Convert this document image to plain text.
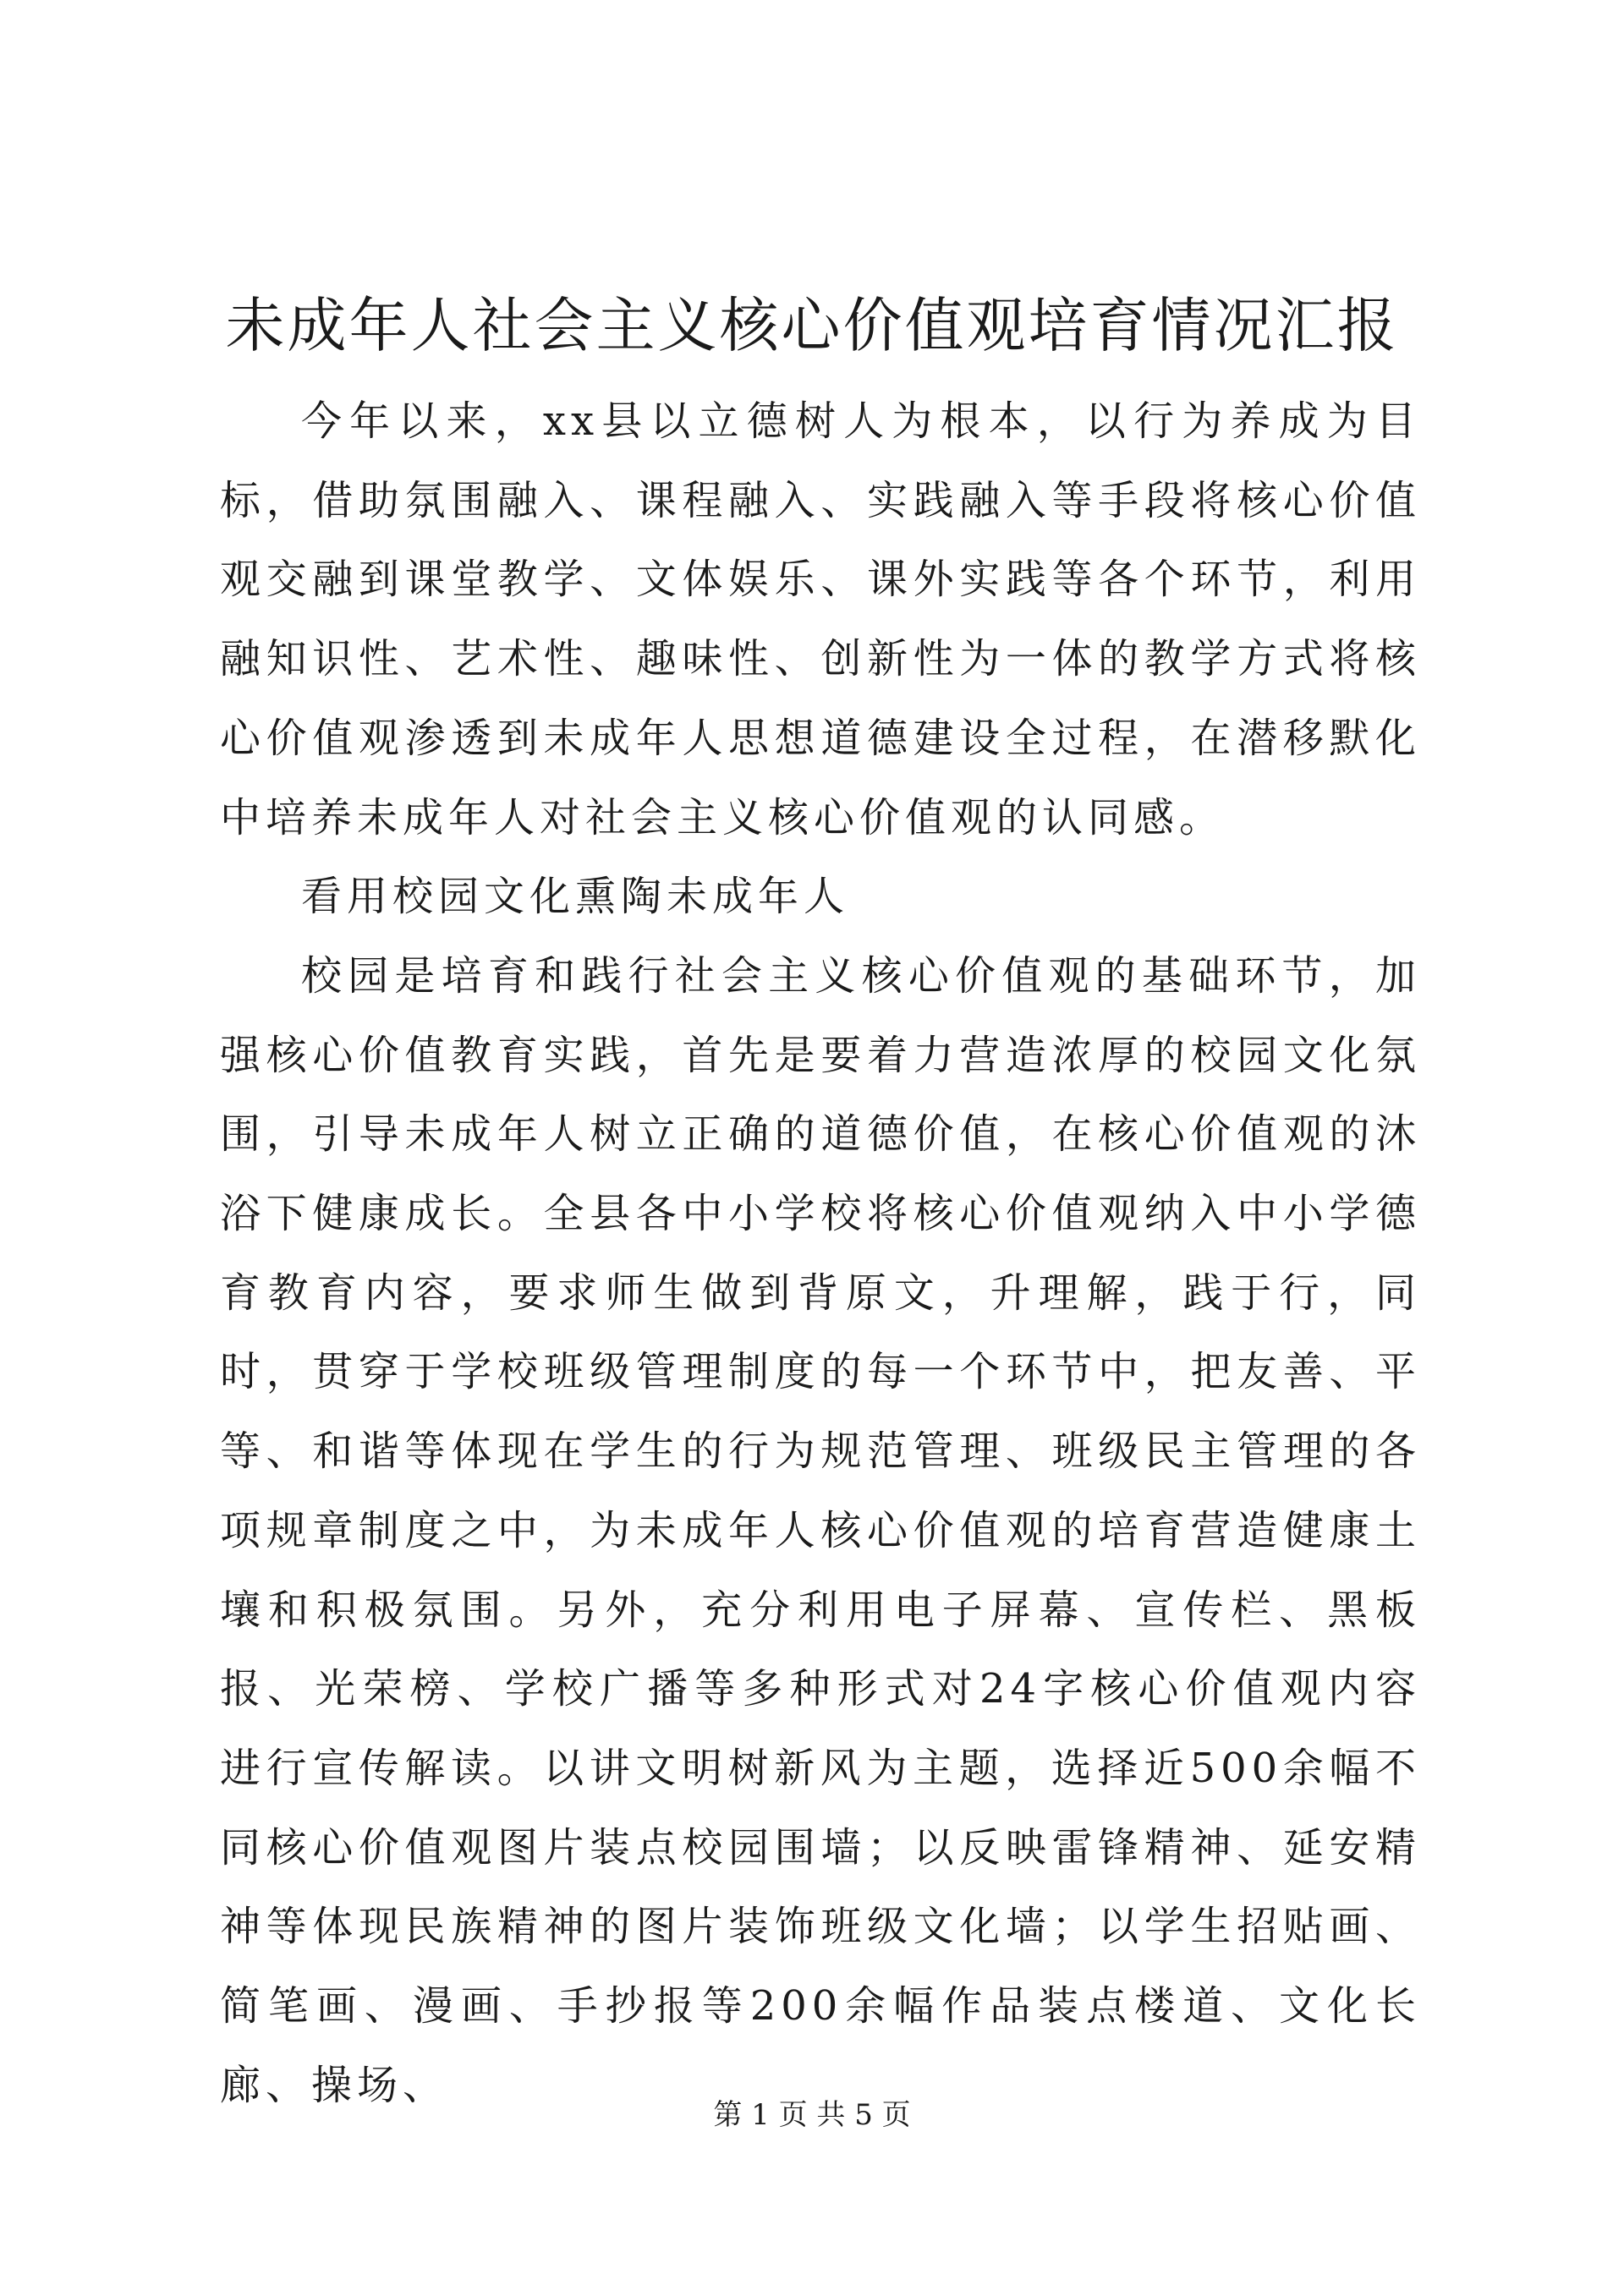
未成年人社会主义核心价值观培育情况汇报

今年以来，xx县以立德树人为根本，以行为养成为目标，借助氛围融入、课程融入、实践融入等手段将核心价值观交融到课堂教学、文体娱乐、课外实践等各个环节，利用融知识性、艺术性、趣味性、创新性为一体的教学方式将核心价值观渗透到未成年人思想道德建设全过程，在潜移默化中培养未成年人对社会主义核心价值观的认同感。

看用校园文化熏陶未成年人

校园是培育和践行社会主义核心价值观的基础环节，加强核心价值教育实践，首先是要着力营造浓厚的校园文化氛围，引导未成年人树立正确的道德价值，在核心价值观的沐浴下健康成长。全县各中小学校将核心价值观纳入中小学德育教育内容，要求师生做到背原文，升理解，践于行，同时，贯穿于学校班级管理制度的每一个环节中，把友善、平等、和谐等体现在学生的行为规范管理、班级民主管理的各项规章制度之中，为未成年人核心价值观的培育营造健康土壤和积极氛围。另外，充分利用电子屏幕、宣传栏、黑板报、光荣榜、学校广播等多种形式对24字核心价值观内容进行宣传解读。以讲文明树新风为主题，选择近500余幅不同核心价值观图片装点校园围墙；以反映雷锋精神、延安精神等体现民族精神的图片装饰班级文化墙；以学生招贴画、简笔画、漫画、手抄报等200余幅作品装点楼道、文化长廊、操场、

第 1 页 共 5 页
